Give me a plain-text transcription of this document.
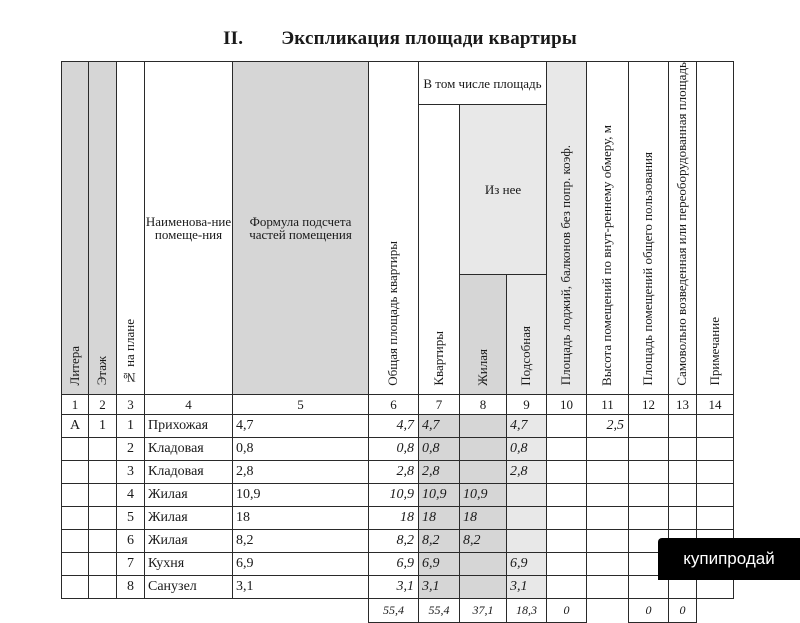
II. Экспликация площади квартиры
Литера	Этаж	№ на плане	Наименова-ние помеще-ния	Формула подсчета частей помещения	Общая площадь квартиры	В том числе площадь			Площадь лоджий, балконов без попр. коэф.	Высота помещений по внут-реннему обмеру, м	Площадь помещений общего пользования	Самовольно возведенная или переоборудованная площадь	Примечание
						Квартиры	Из нее						
							Жилая	Подсобная					
1	2	3	4	5	6	7	8	9	10	11	12	13	14
А	1	1	Прихожая	4,7	4,7	4,7		4,7		2,5			
		2	Кладовая	0,8	0,8	0,8		0,8					
		3	Кладовая	2,8	2,8	2,8		2,8					
		4	Жилая	10,9	10,9	10,9	10,9						
		5	Жилая	18	18	18	18						
		6	Жилая	8,2	8,2	8,2	8,2						
		7	Кухня	6,9	6,9	6,9		6,9					
		8	Санузел	3,1	3,1	3,1		3,1					
					55,4	55,4	37,1	18,3	0		0	0	
купипродай
